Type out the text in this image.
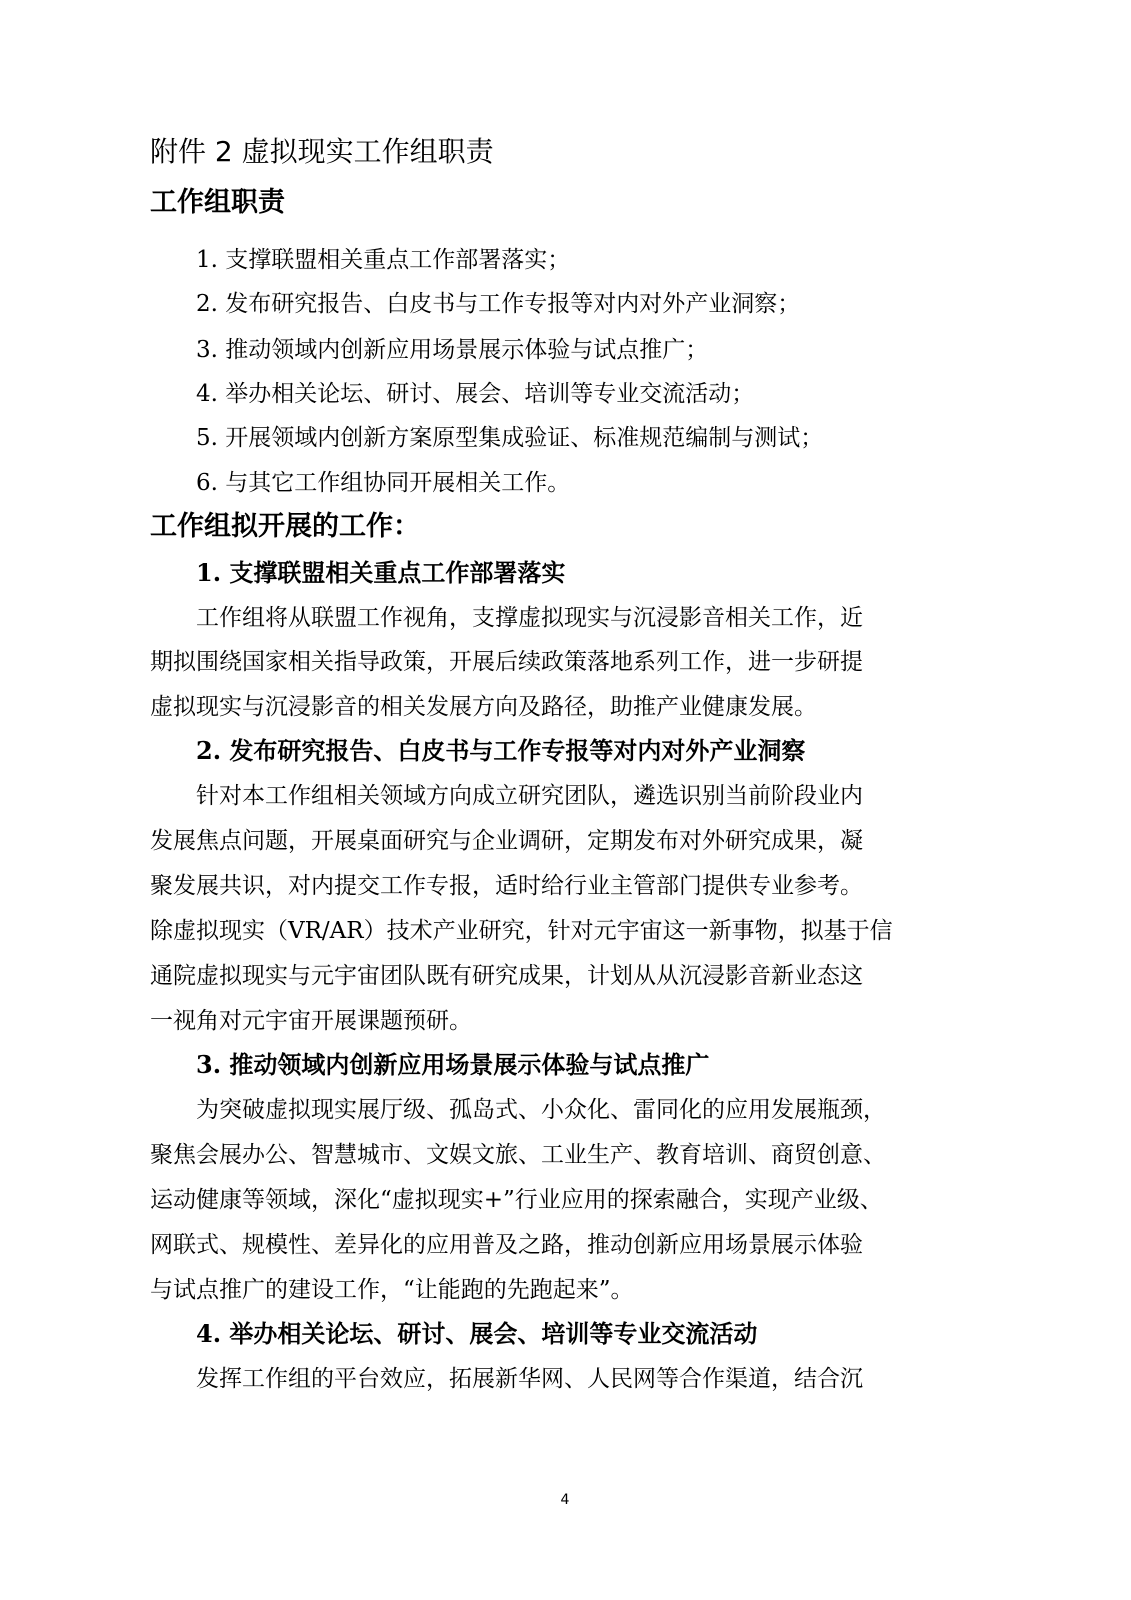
附件 2 虚拟现实工作组职责
工作组职责
1. 支撑联盟相关重点工作部署落实；
2. 发布研究报告、白皮书与工作专报等对内对外产业洞察；
3. 推动领域内创新应用场景展示体验与试点推广；
4. 举办相关论坛、研讨、展会、培训等专业交流活动；
5. 开展领域内创新方案原型集成验证、标准规范编制与测试；
6. 与其它工作组协同开展相关工作。
工作组拟开展的工作：
1. 支撑联盟相关重点工作部署落实
工作组将从联盟工作视角，支撑虚拟现实与沉浸影音相关工作，近
期拟围绕国家相关指导政策，开展后续政策落地系列工作，进一步研提
虚拟现实与沉浸影音的相关发展方向及路径，助推产业健康发展。
2. 发布研究报告、白皮书与工作专报等对内对外产业洞察
针对本工作组相关领域方向成立研究团队，遴选识别当前阶段业内
发展焦点问题，开展桌面研究与企业调研，定期发布对外研究成果，凝
聚发展共识，对内提交工作专报，适时给行业主管部门提供专业参考。
除虚拟现实（VR/AR）技术产业研究，针对元宇宙这一新事物，拟基于信
通院虚拟现实与元宇宙团队既有研究成果，计划从从沉浸影音新业态这
一视角对元宇宙开展课题预研。
3. 推动领域内创新应用场景展示体验与试点推广
为突破虚拟现实展厅级、孤岛式、小众化、雷同化的应用发展瓶颈，
聚焦会展办公、智慧城市、文娱文旅、工业生产、教育培训、商贸创意、
运动健康等领域，深化“虚拟现实+”行业应用的探索融合，实现产业级、
网联式、规模性、差异化的应用普及之路，推动创新应用场景展示体验
与试点推广的建设工作，“让能跑的先跑起来”。
4. 举办相关论坛、研讨、展会、培训等专业交流活动
发挥工作组的平台效应，拓展新华网、人民网等合作渠道，结合沉
4
